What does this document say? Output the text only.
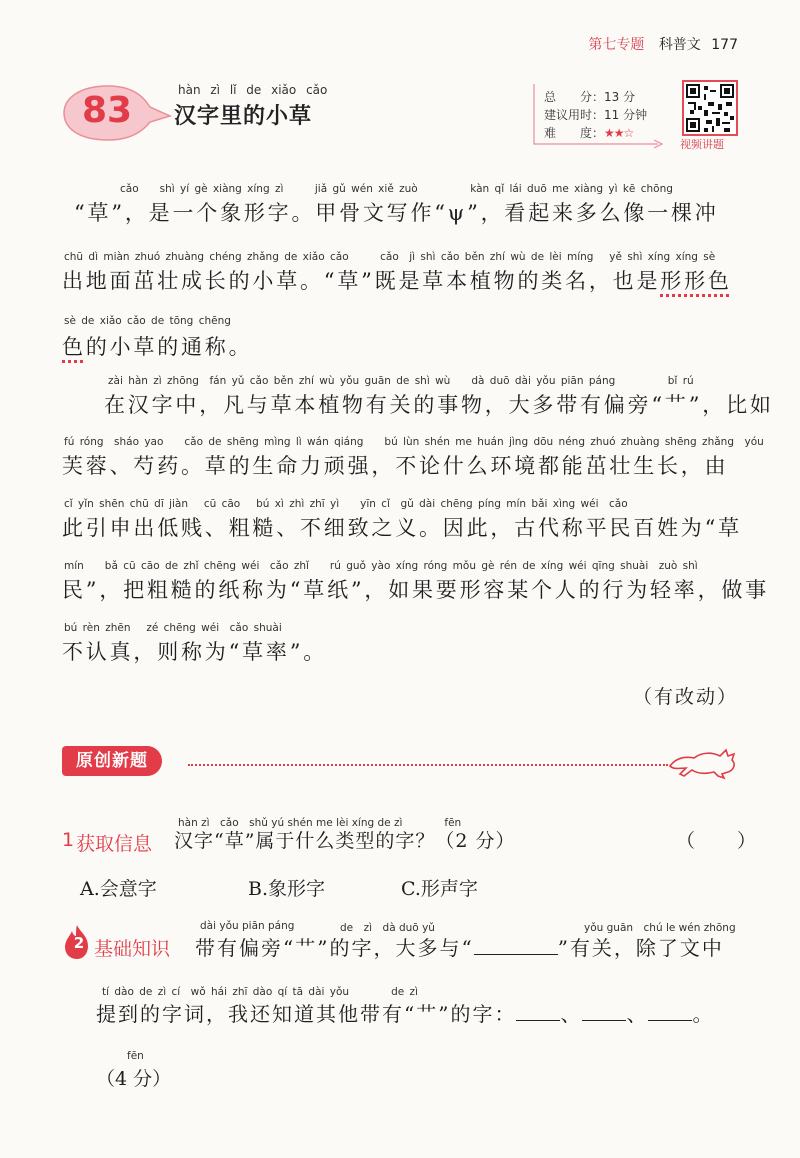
第七专题 科普文 177
83	hàn zì lǐ de xiǎo cǎo
汉字里的小草
总　　分：13 分
建议用时：11 分钟
难　　度：★★☆
视频讲题
cǎo　　shì yí gè xiàng xíng zì　　　jiǎ gǔ wén xiě zuò　　　　　kàn qǐ lái duō me xiàng yì kē chōng
“草”，是一个象形字。甲骨文写作“ψ”，看起来多么像一棵冲
chū dì miàn zhuó zhuàng chéng zhǎng de xiǎo cǎo　　　cǎo　jì shì cǎo běn zhí wù de lèi míng　 yě shì xíng xíng sè
出地面茁壮成长的小草。“草”既是草本植物的类名，也是形形色
sè de xiǎo cǎo de tōng chēng
色的小草的通称。
zài hàn zì zhōng　fán yǔ cǎo běn zhí wù yǒu guān de shì wù　　dà duō dài yǒu piān páng　　　　　bǐ rú
在汉字中，凡与草本植物有关的事物，大多带有偏旁“艹”，比如
fú róng　sháo yao　　cǎo de shēng mìng lì wán qiáng　　bú lùn shén me huán jìng dōu néng zhuó zhuàng shēng zhǎng　yóu
芙蓉、芍药。草的生命力顽强，不论什么环境都能茁壮生长，由
cǐ yǐn shēn chū dī jiàn　 cū cāo　 bú xì zhì zhī yì　　yīn cǐ　gǔ dài chēng píng mín bǎi xìng wéi　cǎo
此引申出低贱、粗糙、不细致之义。因此，古代称平民百姓为“草
mín　　bǎ cū cāo de zhǐ chēng wéi　cǎo zhǐ　　rú guǒ yào xíng róng mǒu gè rén de xíng wéi qīng shuài　zuò shì
民”，把粗糙的纸称为“草纸”，如果要形容某个人的行为轻率，做事
bú rèn zhēn　 zé chēng wéi　cǎo shuài
不认真，则称为“草率”。
（有改动）
原创新题
hàn zì　cǎo　shǔ yú shén me lèi xíng de zì　　　　fēn
1 获取信息 汉字“草”属于什么类型的字？（2 分）	（ ）
A.会意字	B.象形字	C.形声字
dài yǒu piān páng	de　zì　dà duō yǔ	yǒu guān　chú le wén zhōng
2 基础知识 带有偏旁“艹”的字，大多与“	”有关，除了文中
tí dào de zì cí　wǒ hái zhī dào qí tā dài yǒu　　　　de zì
提到的字词，我还知道其他带有“艹”的字： 、 、 。
fēn
（4 分）
